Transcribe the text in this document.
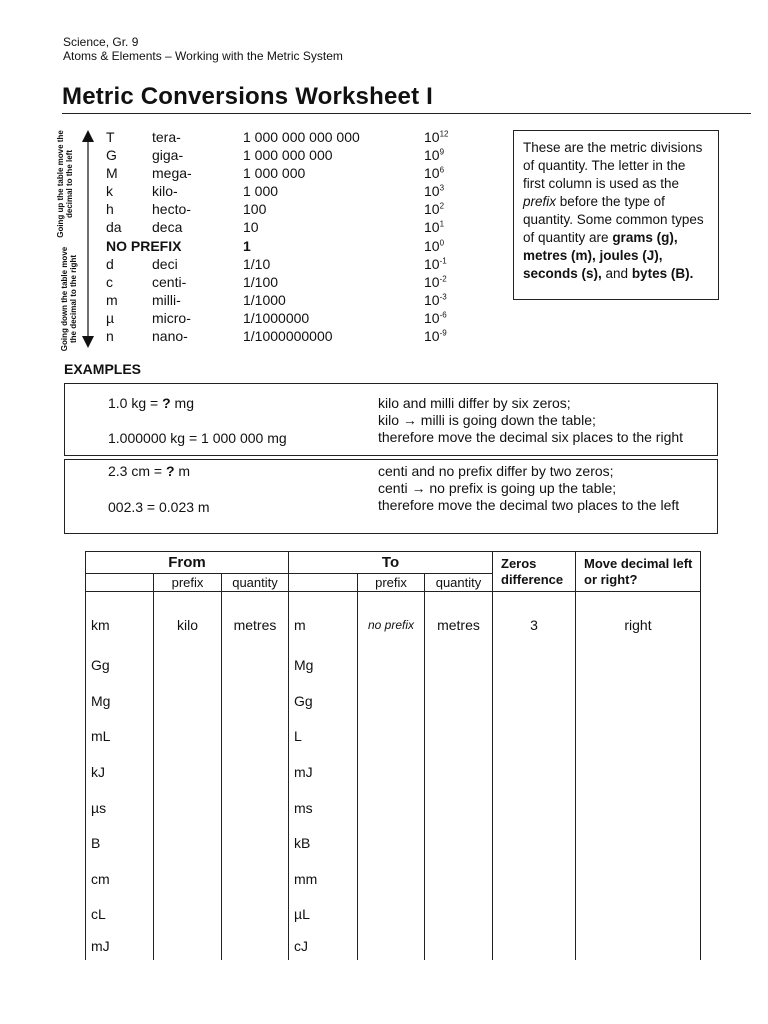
Science, Gr. 9
Atoms & Elements – Working with the Metric System
Metric Conversions Worksheet I
Going up the table move the decimal to the left
Going down the table move the decimal to the right
T	tera-	1 000 000 000 000	$10^{12}$
G	giga-	1 000 000 000	$10^9$
M mega-	1 000 000	$10^6$
k	kilo-	1 000	$10^3$
h	hecto-	100	$10^2$
da deca	10	$10^1$
NO PREFIX	1	$10^0$
d	deci	1/10	$10^{-1}$
c	centi-	1/100	$10^{-2}$
m milli-	1/1000	$10^{-3}$
µ	micro-	1/1000000	$10^{-6}$
n	nano-	1/1000000000	$10^{-9}$
These are the metric divisions of quantity. The letter in the first column is used as the prefix before the type of quantity. Some common types of quantity are grams (g), metres (m), joules (J), seconds (s), and bytes (B).
EXAMPLES
1.0 kg = ? mg
1.000000 kg = 1 000 000 mg
kilo and milli differ by six zeros;
kilo → milli is going down the table;
therefore move the decimal six places to the right
2.3 cm = ? m
002.3 = 0.023 m
centi and no prefix differ by two zeros;
centi → no prefix is going up the table;
therefore move the decimal two places to the left
From			To			Zeros difference	Move decimal left or right?
	prefix	quantity		prefix	quantity		
km	kilo	metres	m	no prefix	metres	3	right
Gg			Mg				
Mg			Gg				
mL			L				
kJ			mJ				
µs			ms				
B			kB				
cm			mm				
cL			µL				
mJ			cJ				
